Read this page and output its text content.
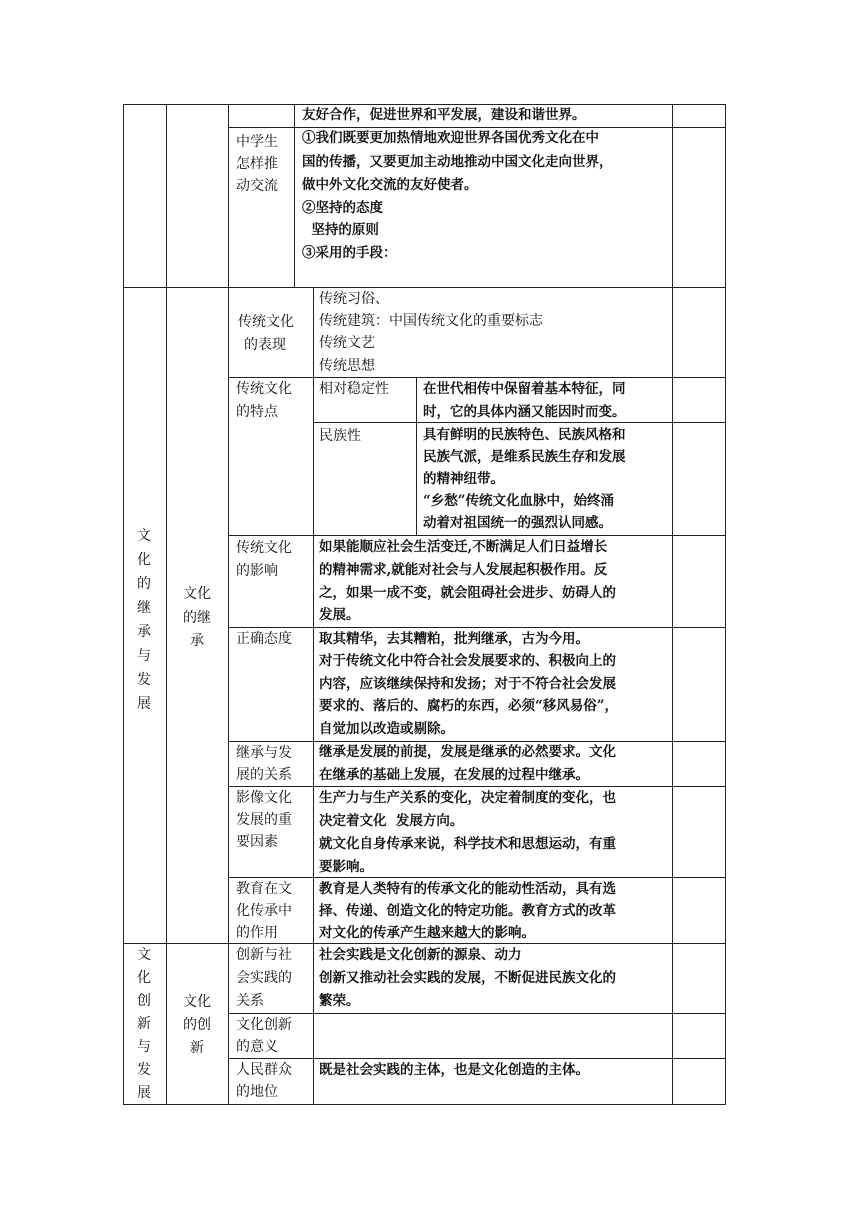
友好合作，促进世界和平发展，建设和谐世界。
中学生
怎样推
动交流
①我们既要更加热情地欢迎世界各国优秀文化在中
国的传播，又要更加主动地推动中国文化走向世界，
做中外文化交流的友好使者。
②坚持的态度
坚持的原则
③采用的手段：
文
化
的
继
承
与
发
展
文化
的继
承
传统文化
的表现
传统习俗、
传统建筑：中国传统文化的重要标志
传统文艺
传统思想
传统文化
的特点
相对稳定性	在世代相传中保留着基本特征，同
时，它的具体内涵又能因时而变。
民族性	具有鲜明的民族特色、民族风格和
民族气派，是维系民族生存和发展
的精神纽带。
“乡愁”传统文化血脉中，始终涌
动着对祖国统一的强烈认同感。
传统文化
的影响
如果能顺应社会生活变迁,不断满足人们日益增长
的精神需求,就能对社会与人发展起积极作用。反
之，如果一成不变，就会阻碍社会进步、妨碍人的
发展。
正确态度 取其精华，去其糟粕，批判继承，古为今用。
对于传统文化中符合社会发展要求的、积极向上的
内容，应该继续保持和发扬；对于不符合社会发展
要求的、落后的、腐朽的东西，必须“移风易俗”，
自觉加以改造或剔除。
继承与发
展的关系
继承是发展的前提，发展是继承的必然要求。文化
在继承的基础上发展，在发展的过程中继承。
影像文化
发展的重
要因素
生产力与生产关系的变化，决定着制度的变化，也
决定着文化  发展方向。
就文化自身传承来说，科学技术和思想运动，有重
要影响。
教育在文
化传承中
的作用
教育是人类特有的传承文化的能动性活动，具有选
择、传递、创造文化的特定功能。教育方式的改革
对文化的传承产生越来越大的影响。
文
化
创
新
与
发
展
文化
的创
新
创新与社
会实践的
关系
社会实践是文化创新的源泉、动力
创新又推动社会实践的发展，不断促进民族文化的
繁荣。
文化创新
的意义
人民群众
的地位
既是社会实践的主体，也是文化创造的主体。
